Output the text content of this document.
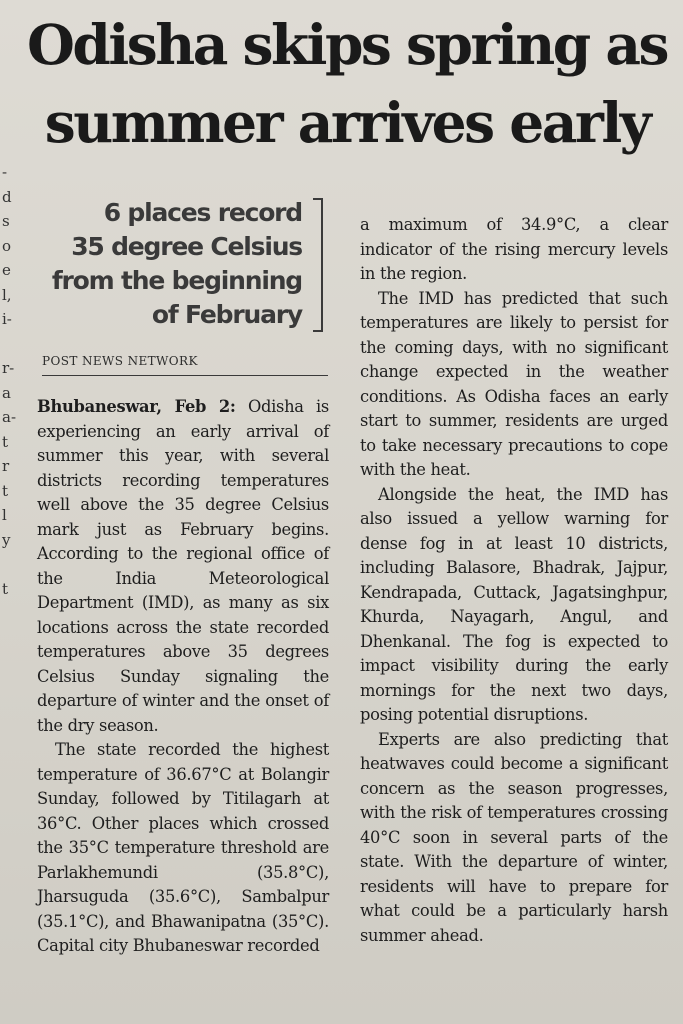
-
d
s
o
e
l,
i-
r-
a
a-
t
r
t
l
y
t
Odisha skips spring as
summer arrives early
6 places record
35 degree Celsius
from the beginning
of February
POST NEWS NETWORK

Bhubaneswar, Feb 2: Odisha is experiencing an early arrival of summer this year, with several districts recording temperatures well above the 35 degree Celsius mark just as February begins. According to the regional office of the India Meteorological Department (IMD), as many as six locations across the state recorded temperatures above 35 degrees Celsius Sunday signaling the departure of winter and the onset of the dry season.

The state recorded the highest temperature of 36.67°C at Bolangir Sunday, followed by Titilagarh at 36°C. Other places which crossed the 35°C temperature threshold are Parlakhemundi (35.8°C), Jharsuguda (35.6°C), Sambalpur (35.1°C), and Bhawanipatna (35°C). Capital city Bhubaneswar recorded

a maximum of 34.9°C, a clear indicator of the rising mercury levels in the region.

The IMD has predicted that such temperatures are likely to persist for the coming days, with no significant change expected in the weather conditions. As Odisha faces an early start to summer, residents are urged to take necessary precautions to cope with the heat.

Alongside the heat, the IMD has also issued a yellow warning for dense fog in at least 10 districts, including Balasore, Bhadrak, Jajpur, Kendrapada, Cuttack, Jagatsinghpur, Khurda, Nayagarh, Angul, and Dhenkanal. The fog is expected to impact visibility during the early mornings for the next two days, posing potential disruptions.

Experts are also predicting that heatwaves could become a significant concern as the season progresses, with the risk of temperatures crossing 40°C soon in several parts of the state. With the departure of winter, residents will have to prepare for what could be a particularly harsh summer ahead.
